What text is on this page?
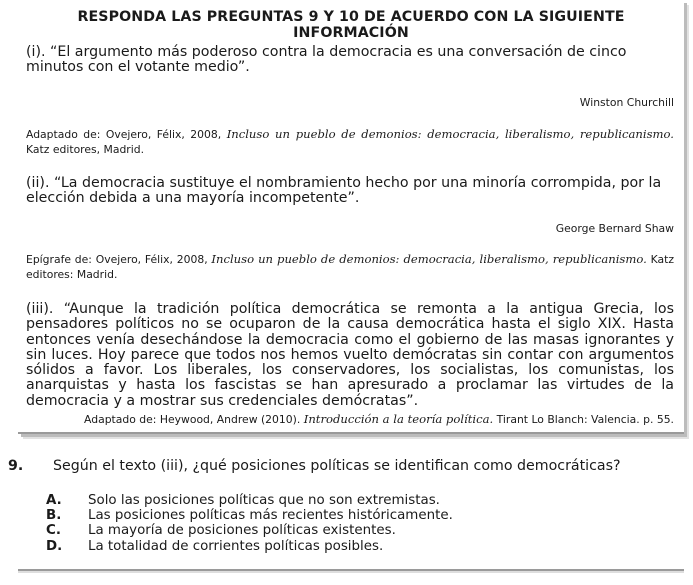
RESPONDA LAS PREGUNTAS 9 Y 10 DE ACUERDO CON LA SIGUIENTE INFORMACIÓN
(i). “El argumento más poderoso contra la democracia es una conversación de cinco minutos con el votante medio”.
Winston Churchill
Adaptado de: Ovejero, Félix, 2008, Incluso un pueblo de demonios: democracia, liberalismo, republicanismo. Katz editores, Madrid.
(ii). “La democracia sustituye el nombramiento hecho por una minoría corrompida, por la elección debida a una mayoría incompetente”.
George Bernard Shaw
Epígrafe de: Ovejero, Félix, 2008, Incluso un pueblo de demonios: democracia, liberalismo, republicanismo. Katz editores: Madrid.
(iii). “Aunque la tradición política democrática se remonta a la antigua Grecia, los pensadores políticos no se ocuparon de la causa democrática hasta el siglo XIX. Hasta entonces venía desechándose la democracia como el gobierno de las masas ignorantes y sin luces. Hoy parece que todos nos hemos vuelto demócratas sin contar con argumentos sólidos a favor. Los liberales, los conservadores, los socialistas, los comunistas, los anarquistas y hasta los fascistas se han apresurado a proclamar las virtudes de la democracia y a mostrar sus credenciales demócratas”.
Adaptado de: Heywood, Andrew (2010). Introducción a la teoría política. Tirant Lo Blanch: Valencia. p. 55.
9. Según el texto (iii), ¿qué posiciones políticas se identifican como democráticas?
A. Solo las posiciones políticas que no son extremistas.
B. Las posiciones políticas más recientes históricamente.
C. La mayoría de posiciones políticas existentes.
D. La totalidad de corrientes políticas posibles.
